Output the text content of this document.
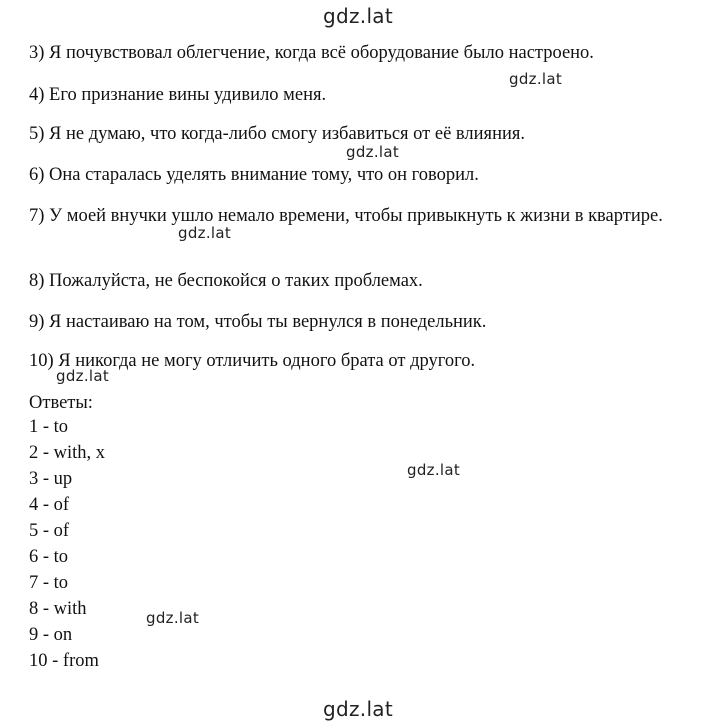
gdz.lat
gdz.lat
gdz.lat
gdz.lat
gdz.lat
gdz.lat
gdz.lat
gdz.lat

3) Я почувствовал облегчение, когда всё оборудование было настроено.

4) Его признание вины удивило меня.

5) Я не думаю, что когда-либо смогу избавиться от её влияния.

6) Она старалась уделять внимание тому, что он говорил.

7) У моей внучки ушло немало времени, чтобы привыкнуть к жизни в квартире.

8) Пожалуйста, не беспокойся о таких проблемах.

9) Я настаиваю на том, чтобы ты вернулся в понедельник.

10) Я никогда не могу отличить одного брата от другого.

Ответы:

1 - to
2 - with, x
3 - up
4 - of
5 - of
6 - to
7 - to
8 - with
9 - on
10 - from
